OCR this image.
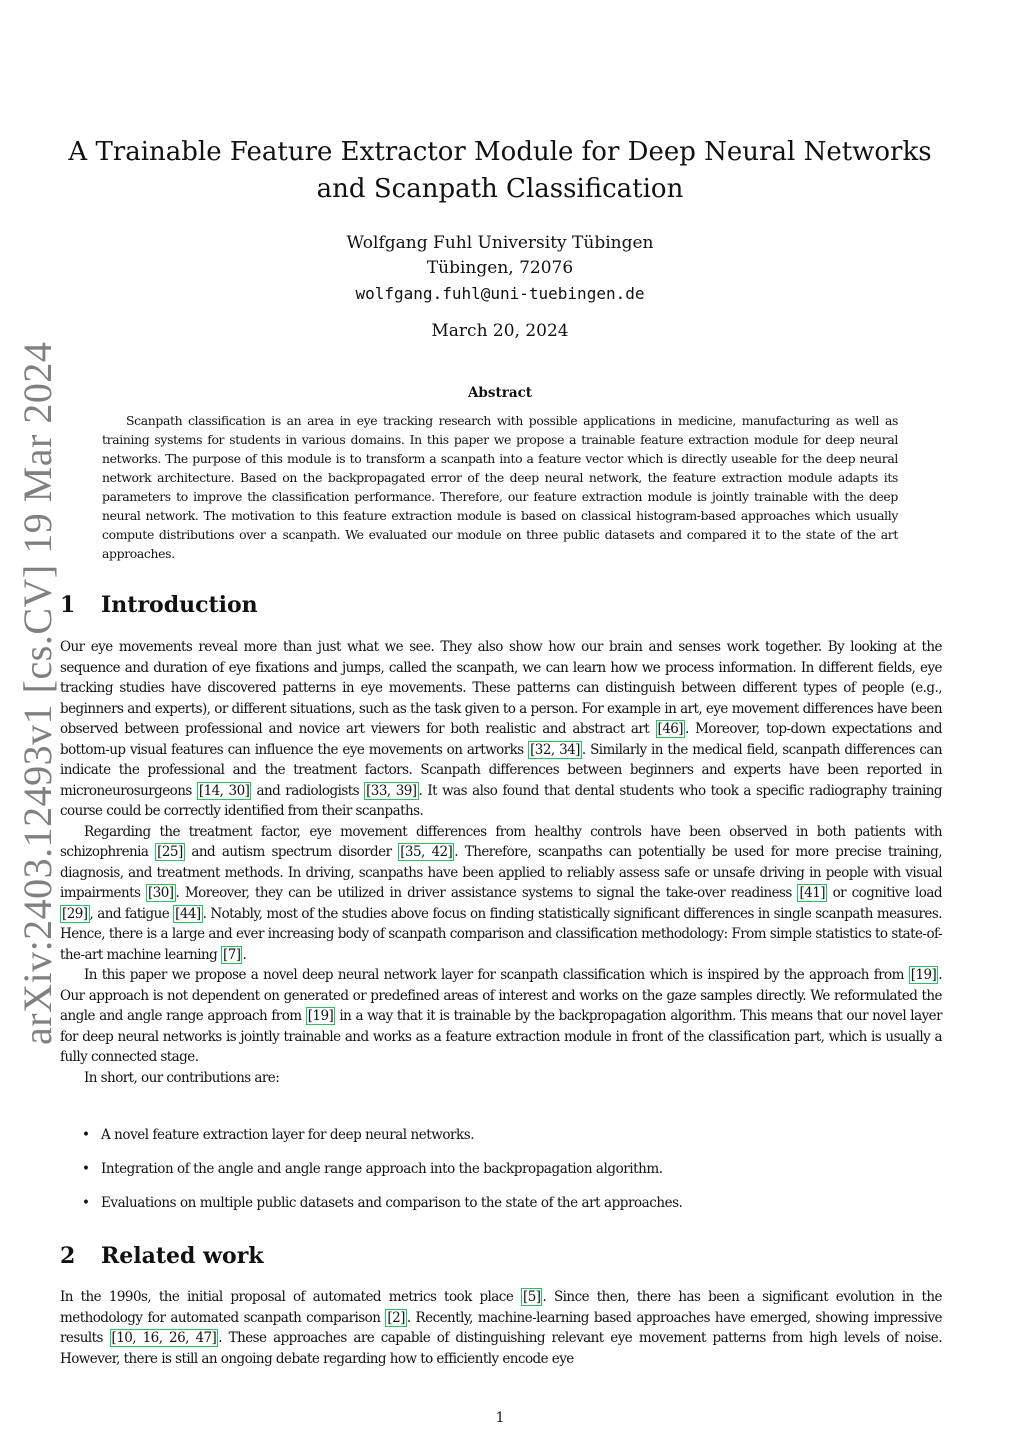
arXiv:2403.12493v1 [cs.CV] 19 Mar 2024
A Trainable Feature Extractor Module for Deep Neural Networks and Scanpath Classification
Wolfgang Fuhl University Tübingen
Tübingen, 72076
wolfgang.fuhl@uni-tuebingen.de
March 20, 2024
Abstract

Scanpath classification is an area in eye tracking research with possible applications in medicine, manufacturing as well as training systems for students in various domains. In this paper we propose a trainable feature extraction module for deep neural networks. The purpose of this module is to transform a scanpath into a feature vector which is directly useable for the deep neural network architecture. Based on the backpropagated error of the deep neural network, the feature extraction module adapts its parameters to improve the classification performance. Therefore, our feature extraction module is jointly trainable with the deep neural network. The motivation to this feature extraction module is based on classical histogram-based approaches which usually compute distributions over a scanpath. We evaluated our module on three public datasets and compared it to the state of the art approaches.

1 Introduction

Our eye movements reveal more than just what we see. They also show how our brain and senses work together. By looking at the sequence and duration of eye fixations and jumps, called the scanpath, we can learn how we process information. In different fields, eye tracking studies have discovered patterns in eye movements. These patterns can distinguish between different types of people (e.g., beginners and experts), or different situations, such as the task given to a person. For example in art, eye movement differences have been observed between professional and novice art viewers for both realistic and abstract art [46] . Moreover, top-down expectations and bottom-up visual features can influence the eye movements on artworks [32, 34] . Similarly in the medical field, scanpath differences can indicate the professional and the treatment factors. Scanpath differences between beginners and experts have been reported in microneurosurgeons [14, 30] and radiologists [33, 39] . It was also found that dental students who took a specific radiography training course could be correctly identified from their scanpaths.

Regarding the treatment factor, eye movement differences from healthy controls have been observed in both patients with schizophrenia [25] and autism spectrum disorder [35, 42] . Therefore, scanpaths can potentially be used for more precise training, diagnosis, and treatment methods. In driving, scanpaths have been applied to reliably assess safe or unsafe driving in people with visual impairments [30] . Moreover, they can be utilized in driver assistance systems to signal the take-over readiness [41] or cognitive load [29] , and fatigue [44] . Notably, most of the studies above focus on finding statistically significant differences in single scanpath measures. Hence, there is a large and ever increasing body of scanpath comparison and classification methodology: From simple statistics to state-of-the-art machine learning [7] .

In this paper we propose a novel deep neural network layer for scanpath classification which is inspired by the approach from [19] . Our approach is not dependent on generated or predefined areas of interest and works on the gaze samples directly. We reformulated the angle and angle range approach from [19] in a way that it is trainable by the backpropagation algorithm. This means that our novel layer for deep neural networks is jointly trainable and works as a feature extraction module in front of the classification part, which is usually a fully connected stage.

In short, our contributions are:

• A novel feature extraction layer for deep neural networks.
• Integration of the angle and angle range approach into the backpropagation algorithm.
• Evaluations on multiple public datasets and comparison to the state of the art approaches.
2 Related work

In the 1990s, the initial proposal of automated metrics took place [5] . Since then, there has been a significant evolution in the methodology for automated scanpath comparison [2] . Recently, machine-learning based approaches have emerged, showing impressive results [10, 16, 26, 47] . These approaches are capable of distinguishing relevant eye movement patterns from high levels of noise. However, there is still an ongoing debate regarding how to efficiently encode eye

1
